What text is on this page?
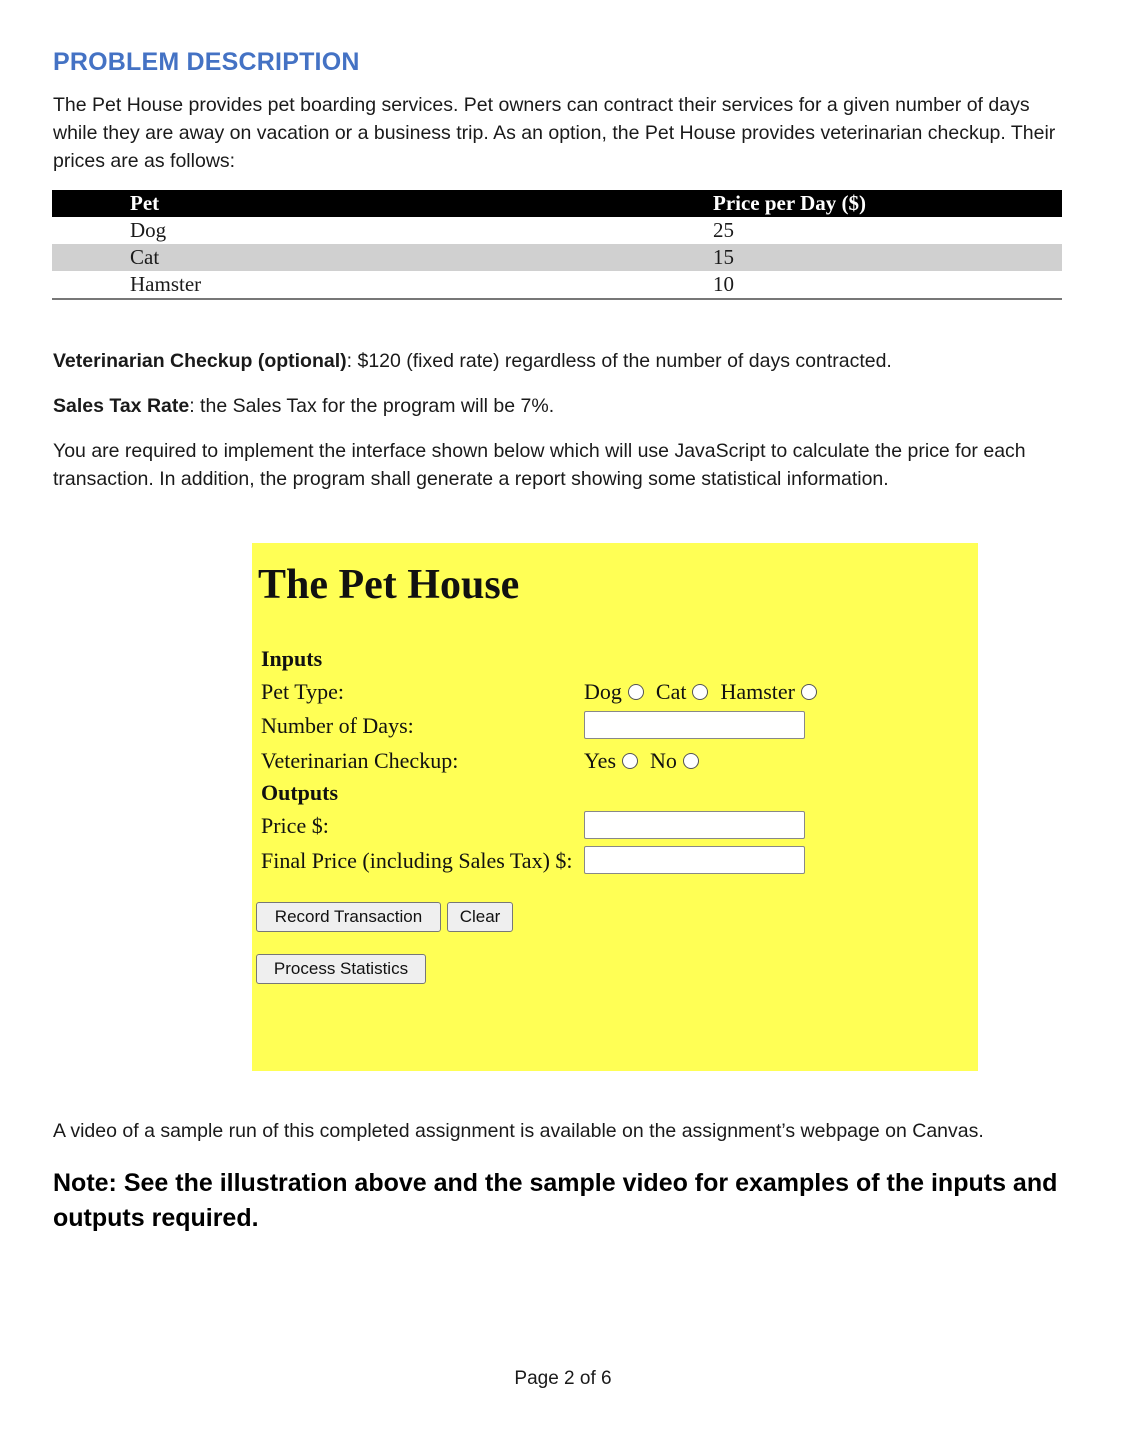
PROBLEM DESCRIPTION

The Pet House provides pet boarding services. Pet owners can contract their services for a given number of days while they are away on vacation or a business trip. As an option, the Pet House provides veterinarian checkup. Their prices are as follows:

Pet	Price per Day ($)
Dog	25
Cat	15
Hamster	10

Veterinarian Checkup (optional): $120 (fixed rate) regardless of the number of days contracted.

Sales Tax Rate: the Sales Tax for the program will be 7%.

You are required to implement the interface shown below which will use JavaScript to calculate the price for each transaction. In addition, the program shall generate a report showing some statistical information.

The Pet House
Inputs
Pet Type:	Dog Cat Hamster
Number of Days:
Veterinarian Checkup:	Yes No
Outputs
Price $:
Final Price (including Sales Tax) $:
Record Transaction	Clear
Process Statistics

A video of a sample run of this completed assignment is available on the assignment’s webpage on Canvas.

Note: See the illustration above and the sample video for examples of the inputs and outputs required.

Page 2 of 6
